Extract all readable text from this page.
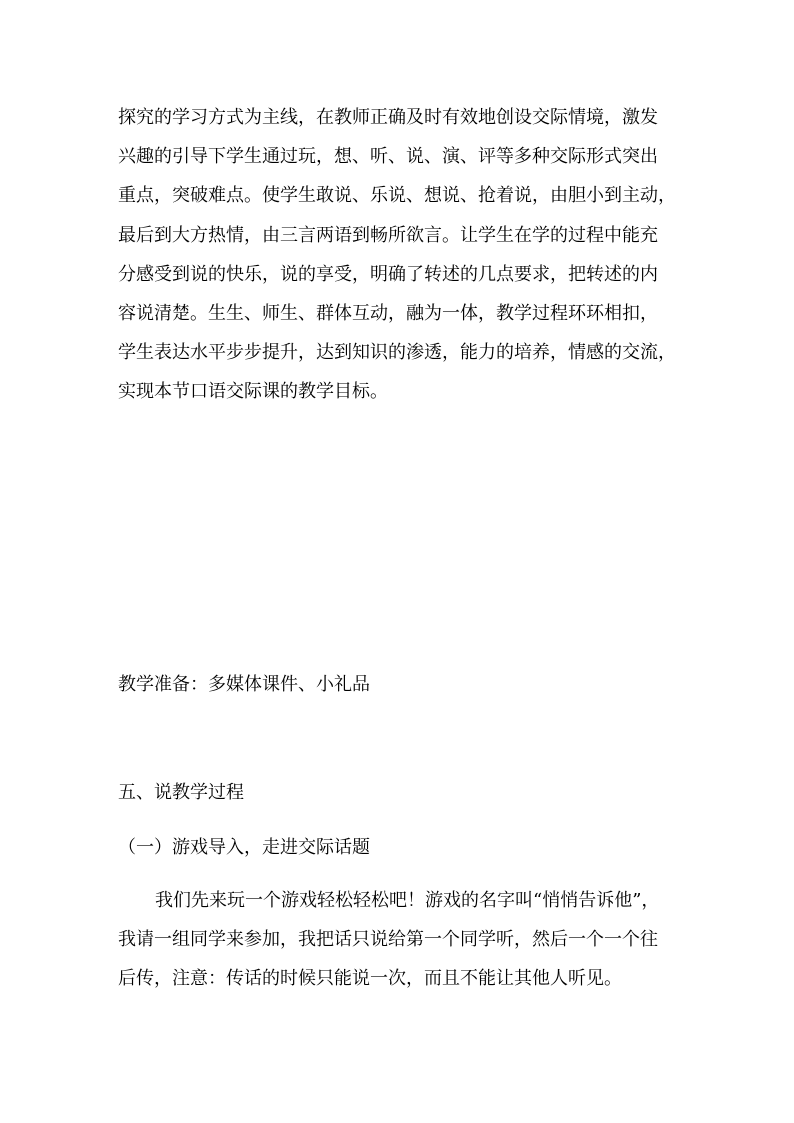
探究的学习方式为主线，在教师正确及时有效地创设交际情境，激发
兴趣的引导下学生通过玩，想、听、说、演、评等多种交际形式突出
重点，突破难点。使学生敢说、乐说、想说、抢着说，由胆小到主动，
最后到大方热情，由三言两语到畅所欲言。让学生在学的过程中能充
分感受到说的快乐，说的享受，明确了转述的几点要求，把转述的内
容说清楚。生生、师生、群体互动，融为一体，教学过程环环相扣，
学生表达水平步步提升，达到知识的渗透，能力的培养，情感的交流，
实现本节口语交际课的教学目标。
教学准备：多媒体课件、小礼品
五、说教学过程
（一）游戏导入，走进交际话题
我们先来玩一个游戏轻松轻松吧！游戏的名字叫“悄悄告诉他”，
我请一组同学来参加，我把话只说给第一个同学听，然后一个一个往
后传，注意：传话的时候只能说一次，而且不能让其他人听见。
